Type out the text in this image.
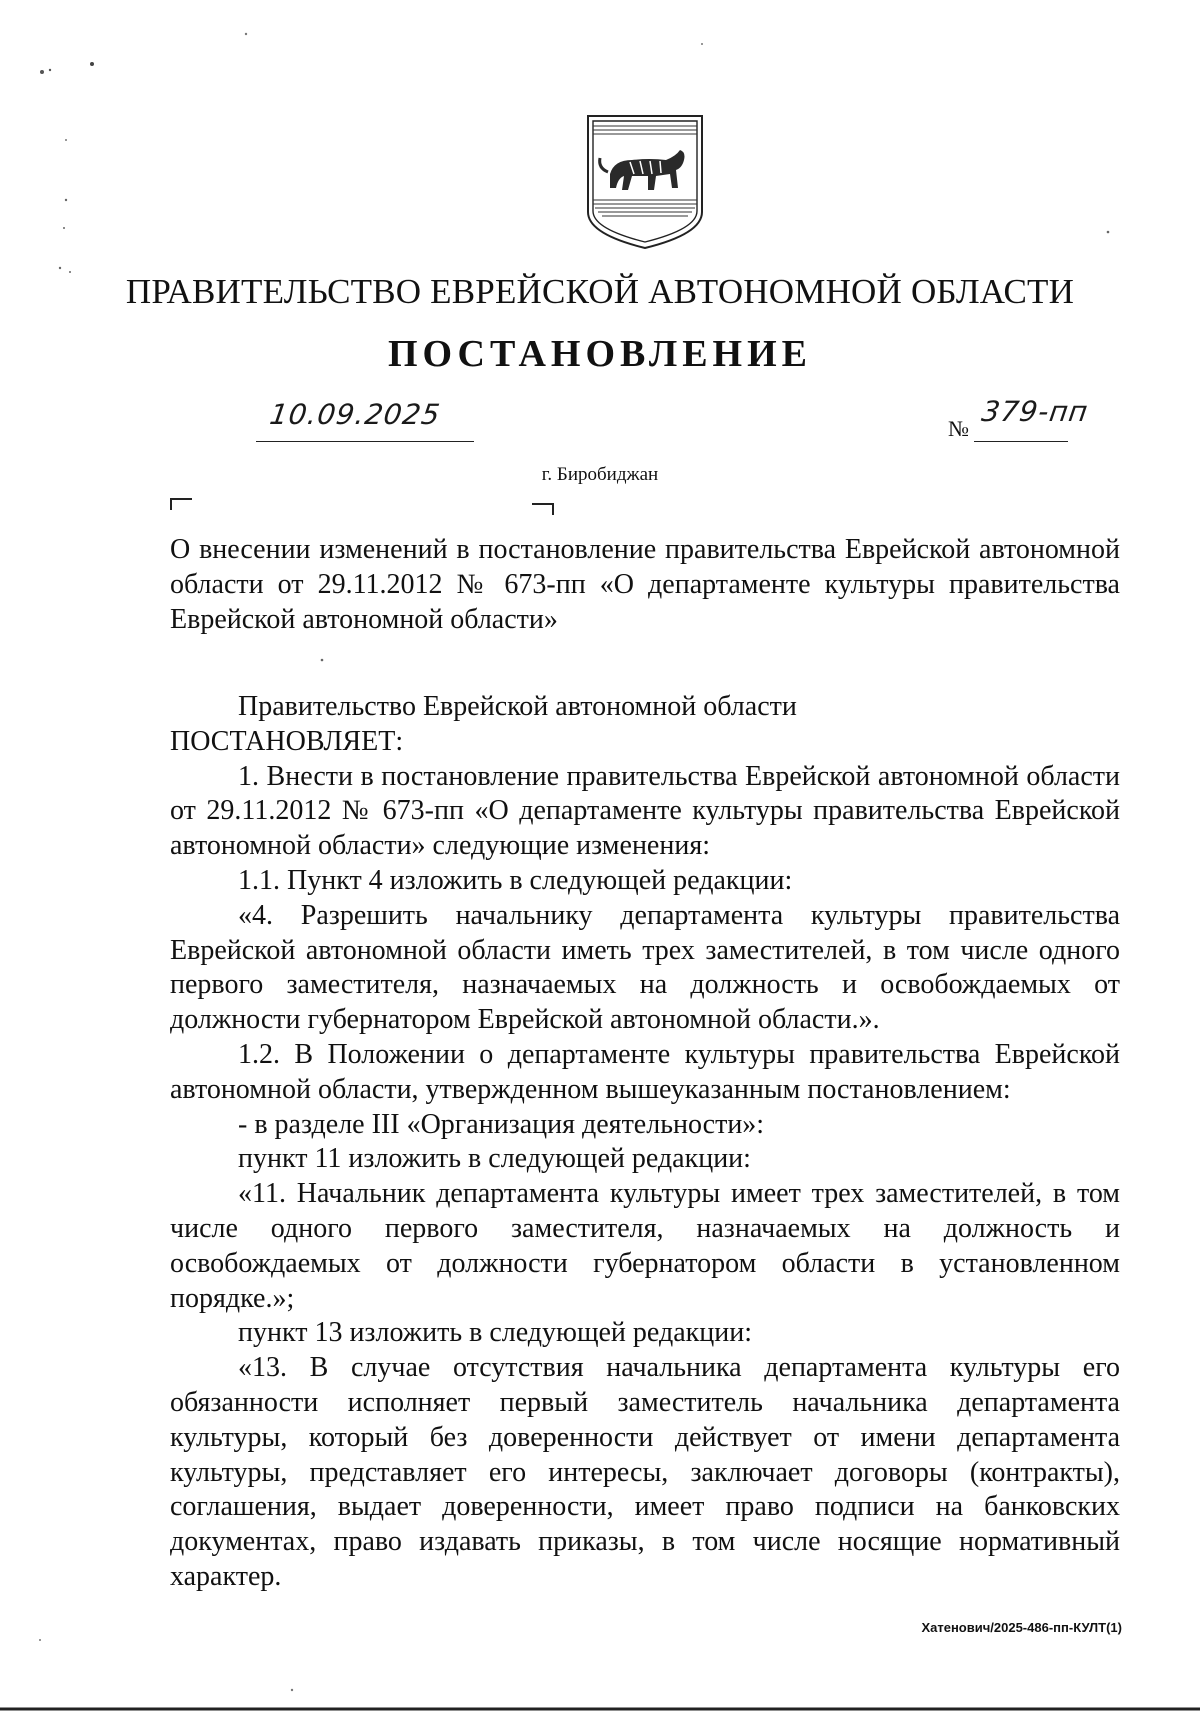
ПРАВИТЕЛЬСТВО ЕВРЕЙСКОЙ АВТОНОМНОЙ ОБЛАСТИ
ПОСТАНОВЛЕНИЕ
10.09.2025	№
379-пп
г. Биробиджан
О внесении изменений в постановление правительства Еврейской автономной области от 29.11.2012 № 673-пп «О департаменте культуры правительства Еврейской автономной области»

Правительство Еврейской автономной области

ПОСТАНОВЛЯЕТ:

1. Внести в постановление правительства Еврейской автономной области от 29.11.2012 № 673-пп «О департаменте культуры правительства Еврейской автономной области» следующие изменения:

1.1. Пункт 4 изложить в следующей редакции:

«4. Разрешить начальнику департамента культуры правительства Еврейской автономной области иметь трех заместителей, в том числе одного первого заместителя, назначаемых на должность и освобождаемых от должности губернатором Еврейской автономной области.».

1.2. В Положении о департаменте культуры правительства Еврейской автономной области, утвержденном вышеуказанным постановлением:

- в разделе III «Организация деятельности»:

пункт 11 изложить в следующей редакции:

«11. Начальник департамента культуры имеет трех заместителей, в том числе одного первого заместителя, назначаемых на должность и освобождаемых от должности губернатором области в установленном порядке.»;

пункт 13 изложить в следующей редакции:

«13. В случае отсутствия начальника департамента культуры его обязанности исполняет первый заместитель начальника департамента культуры, который без доверенности действует от имени департамента культуры, представляет его интересы, заключает договоры (контракты), соглашения, выдает доверенности, имеет право подписи на банковских документах, право издавать приказы, в том числе носящие нормативный характер.

Хатенович/2025-486-пп-КУЛТ(1)
